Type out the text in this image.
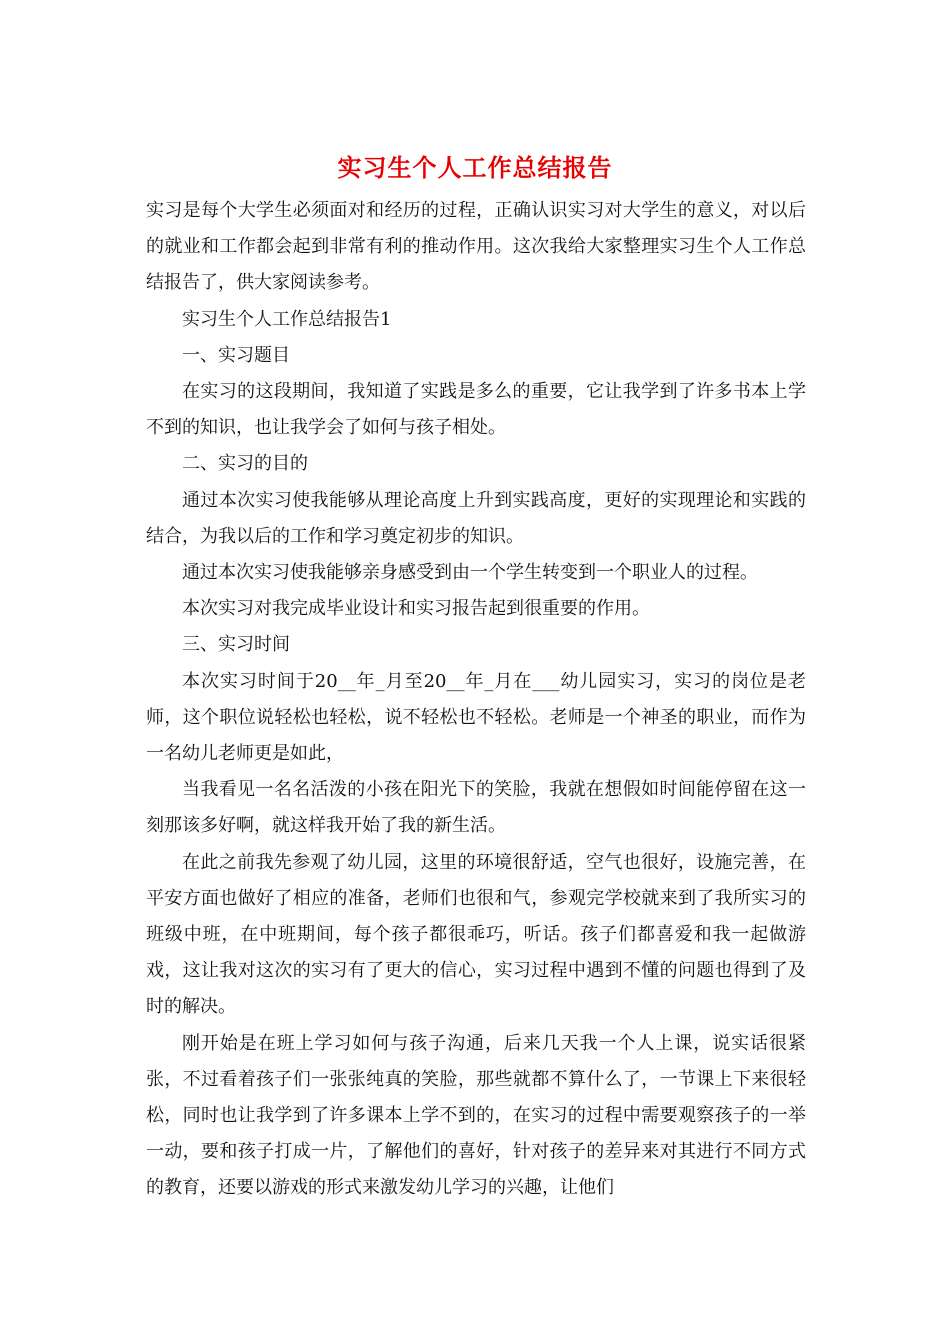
实习生个人工作总结报告

实习是每个大学生必须面对和经历的过程，正确认识实习对大学生的意义，对以后的就业和工作都会起到非常有利的推动作用。这次我给大家整理实习生个人工作总结报告了，供大家阅读参考。

实习生个人工作总结报告1

一、实习题目

在实习的这段期间，我知道了实践是多么的重要，它让我学到了许多书本上学不到的知识，也让我学会了如何与孩子相处。

二、实习的目的

通过本次实习使我能够从理论高度上升到实践高度，更好的实现理论和实践的结合，为我以后的工作和学习奠定初步的知识。

通过本次实习使我能够亲身感受到由一个学生转变到一个职业人的过程。

本次实习对我完成毕业设计和实习报告起到很重要的作用。

三、实习时间

本次实习时间于20__年_月至20__年_月在___幼儿园实习，实习的岗位是老师，这个职位说轻松也轻松，说不轻松也不轻松。老师是一个神圣的职业，而作为一名幼儿老师更是如此，

当我看见一名名活泼的小孩在阳光下的笑脸，我就在想假如时间能停留在这一刻那该多好啊，就这样我开始了我的新生活。

在此之前我先参观了幼儿园，这里的环境很舒适，空气也很好，设施完善，在平安方面也做好了相应的准备，老师们也很和气，参观完学校就来到了我所实习的班级中班，在中班期间，每个孩子都很乖巧，听话。孩子们都喜爱和我一起做游戏，这让我对这次的实习有了更大的信心，实习过程中遇到不懂的问题也得到了及时的解决。

刚开始是在班上学习如何与孩子沟通，后来几天我一个人上课，说实话很紧张，不过看着孩子们一张张纯真的笑脸，那些就都不算什么了，一节课上下来很轻松，同时也让我学到了许多课本上学不到的，在实习的过程中需要观察孩子的一举一动，要和孩子打成一片，了解他们的喜好，针对孩子的差异来对其进行不同方式的教育，还要以游戏的形式来激发幼儿学习的兴趣，让他们
